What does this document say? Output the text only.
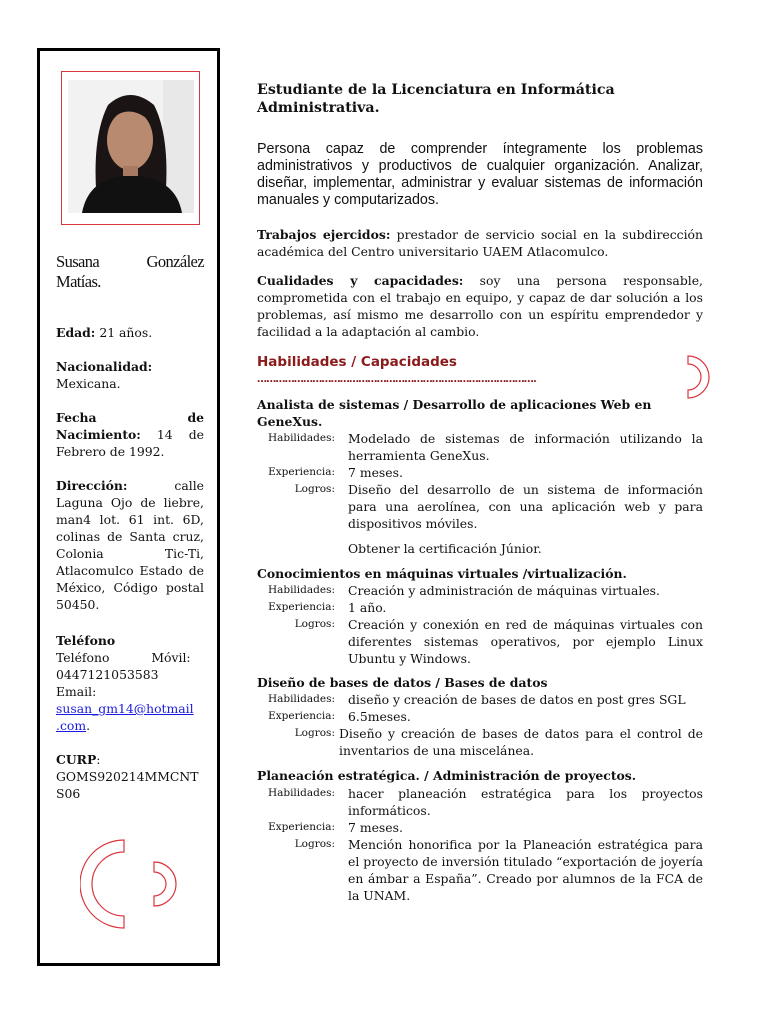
Susana	González
Matías.
Edad: 21 años.
Nacionalidad:
Mexicana.
Fecha	de
Nacimiento: 14 de
Febrero de 1992.
Dirección:	calle Laguna Ojo de liebre, man4 lot. 61 int. 6D, colinas de Santa cruz, Colonia Tic-Ti, Atlacomulco Estado de México, Código postal 50450.
Teléfono

Teléfono Móvil:
0447121053583
Email:
susan_gm14@hotmail
.com.
CURP:
GOMS920214MMCNT
S06
Estudiante de la Licenciatura en Informática Administrativa.
Persona capaz de comprender íntegramente los problemas administrativos y productivos de cualquier organización. Analizar, diseñar, implementar, administrar y evaluar sistemas de información manuales y computarizados.
Trabajos ejercidos: prestador de servicio social en la subdirección académica del Centro universitario UAEM Atlacomulco.
Cualidades y capacidades: soy una persona responsable, comprometida con el trabajo en equipo, y capaz de dar solución a los problemas, así mismo me desarrollo con un espíritu emprendedor y facilidad a la adaptación al cambio.
Habilidades / Capacidades
……………………………………………………………………………….
Analista de sistemas / Desarrollo de aplicaciones Web en GeneXus.
Habilidades: Modelado de sistemas de información utilizando la herramienta GeneXus.
Experiencia: 7 meses.
Logros: Diseño del desarrollo de un sistema de información para una aerolínea, con una aplicación web y para dispositivos móviles.
Obtener la certificación Júnior.
Conocimientos en máquinas virtuales /virtualización.
Habilidades: Creación y administración de máquinas virtuales.
Experiencia: 1 año.
Logros: Creación y conexión en red de máquinas virtuales con diferentes sistemas operativos, por ejemplo Linux Ubuntu y Windows.
Diseño de bases de datos / Bases de datos
Habilidades: diseño y creación de bases de datos en post gres SGL
Experiencia: 6.5meses.
Logros: Diseño y creación de bases de datos para el control de inventarios de una miscelánea.
Planeación estratégica. / Administración de proyectos.
Habilidades: hacer planeación estratégica para los proyectos informáticos.
Experiencia: 7 meses.
Logros: Mención honorifica por la Planeación estratégica para el proyecto de inversión titulado “exportación de joyería en ámbar a España”. Creado por alumnos de la FCA de la UNAM.
